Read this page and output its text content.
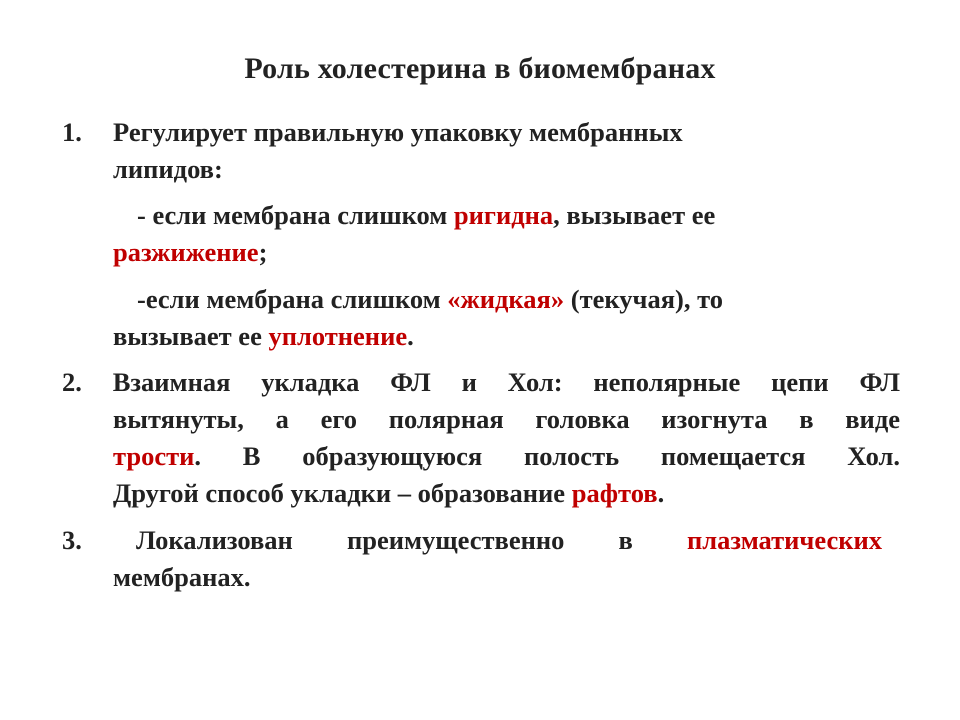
Роль холестерина в биомембранах
1. Регулирует правильную упаковку мембранных
липидов:
- если мембрана слишком ригидна, вызывает ее
разжижение;
-если мембрана слишком «жидкая» (текучая), то
вызывает ее уплотнение.
2. Взаимная укладка ФЛ и Хол: неполярные цепи ФЛ
вытянуты, а его полярная головка изогнута в виде
трости. В образующуюся полость помещается Хол.
Другой способ укладки – образование рафтов.
3. Локализован преимущественно в плазматических
мембранах.
